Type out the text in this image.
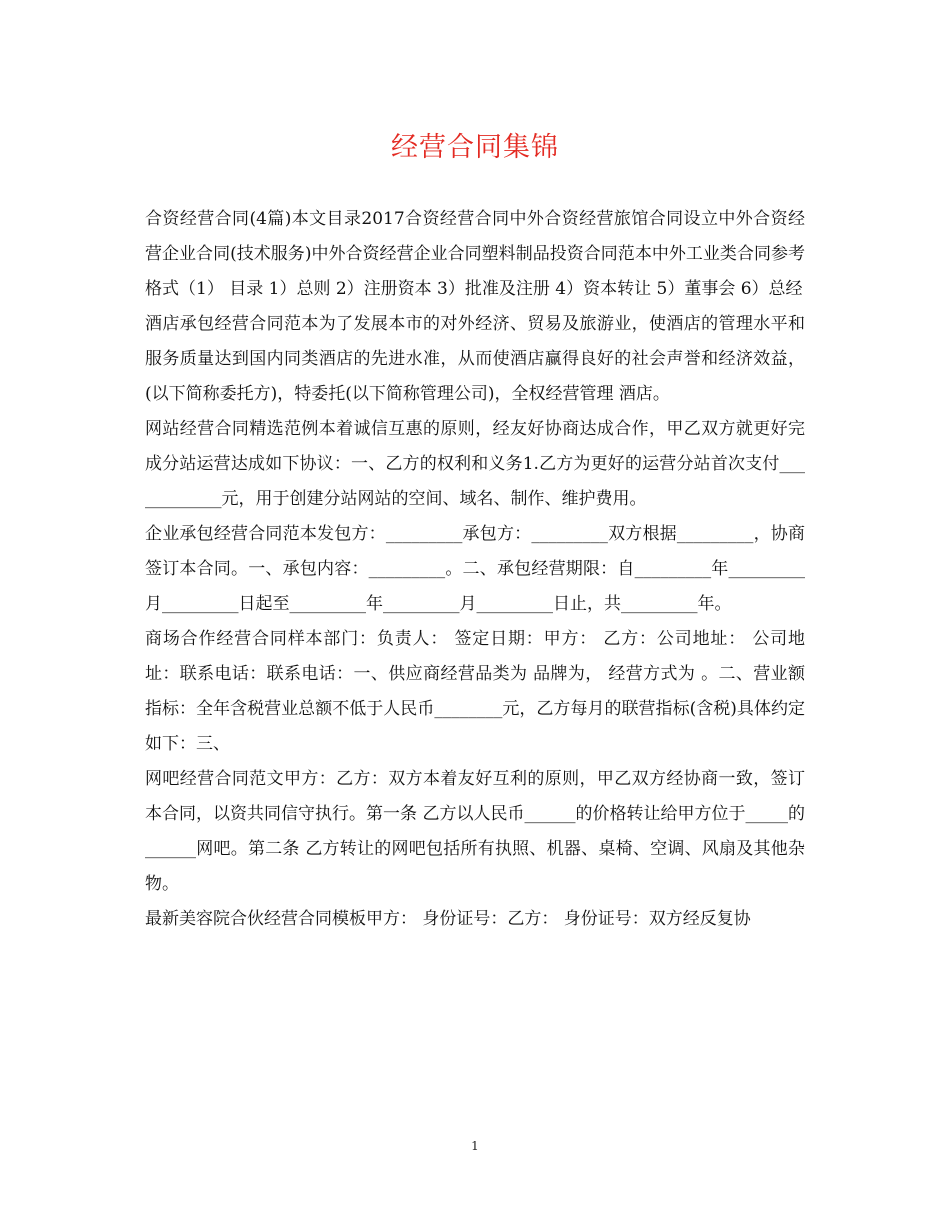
经营合同集锦

合资经营合同(4篇)本文目录2017合资经营合同中外合资经营旅馆合同设立中外合资经营企业合同(技术服务)中外合资经营企业合同塑料制品投资合同范本中外工业类合同参考格式（1） 目录 1）总则 2）注册资本 3）批准及注册 4）资本转让 5）董事会 6）总经

酒店承包经营合同范本为了发展本市的对外经济、贸易及旅游业，使酒店的管理水平和服务质量达到国内同类酒店的先进水准，从而使酒店赢得良好的社会声誉和经济效益，(以下简称委托方)，特委托(以下简称管理公司)，全权经营管理 酒店。

网站经营合同精选范例本着诚信互惠的原则，经友好协商达成合作，甲乙双方就更好完成分站运营达成如下协议：一、乙方的权利和义务1.乙方为更好的运营分站首次支付____________元，用于创建分站网站的空间、域名、制作、维护费用。

企业承包经营合同范本发包方：_________承包方：_________双方根据_________，协商签订本合同。一、承包内容：_________。二、承包经营期限：自_________年_________月_________日起至_________年_________月_________日止，共_________年。

商场合作经营合同样本部门：负责人： 签定日期：甲方： 乙方：公司地址： 公司地址：联系电话：联系电话：一、供应商经营品类为 品牌为， 经营方式为 。二、营业额指标：全年含税营业总额不低于人民币________元，乙方每月的联营指标(含税)具体约定如下：三、

网吧经营合同范文甲方：乙方：双方本着友好互利的原则，甲乙双方经协商一致，签订本合同，以资共同信守执行。第一条 乙方以人民币______的价格转让给甲方位于_____的______网吧。第二条 乙方转让的网吧包括所有执照、机器、桌椅、空调、风扇及其他杂物。

最新美容院合伙经营合同模板甲方： 身份证号：乙方： 身份证号：双方经反复协

1
